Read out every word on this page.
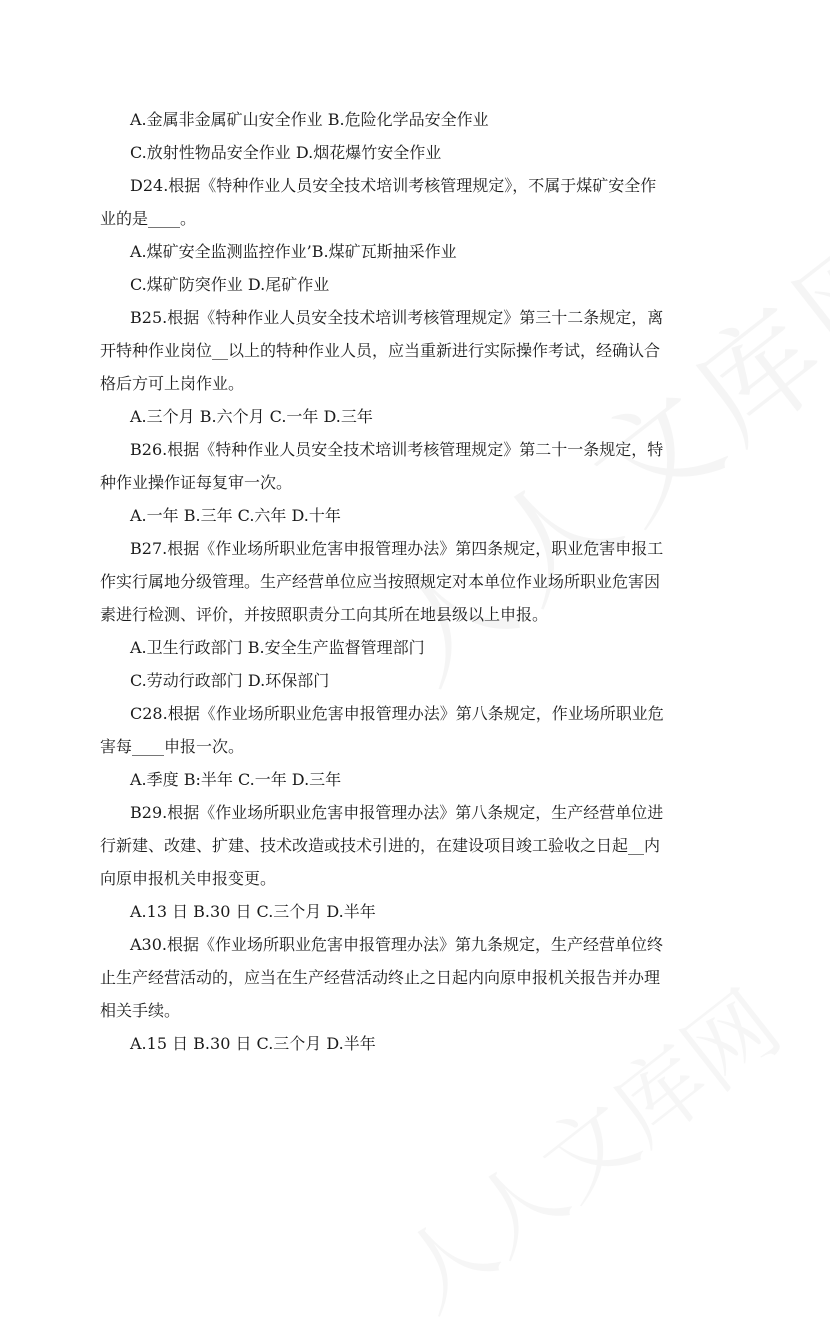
A.金属非金属矿山安全作业 B.危险化学品安全作业

C.放射性物品安全作业 D.烟花爆竹安全作业

D24.根据《特种作业人员安全技术培训考核管理规定》，不属于煤矿安全作
业的是____。

A.煤矿安全监测监控作业’B.煤矿瓦斯抽采作业

C.煤矿防突作业 D.尾矿作业

B25.根据《特种作业人员安全技术培训考核管理规定》第三十二条规定，离
开特种作业岗位__以上的特种作业人员，应当重新进行实际操作考试，经确认合
格后方可上岗作业。

A.三个月 B.六个月 C.一年 D.三年

B26.根据《特种作业人员安全技术培训考核管理规定》第二十一条规定，特
种作业操作证每复审一次。

A.一年 B.三年 C.六年 D.十年

B27.根据《作业场所职业危害申报管理办法》第四条规定，职业危害申报工
作实行属地分级管理。生产经营单位应当按照规定对本单位作业场所职业危害因
素进行检测、评价，并按照职责分工向其所在地县级以上申报。

A.卫生行政部门 B.安全生产监督管理部门

C.劳动行政部门 D.环保部门

C28.根据《作业场所职业危害申报管理办法》第八条规定，作业场所职业危
害每____申报一次。

A.季度 B:半年 C.一年 D.三年

B29.根据《作业场所职业危害申报管理办法》第八条规定，生产经营单位进
行新建、改建、扩建、技术改造或技术引进的，在建设项目竣工验收之日起__内
向原申报机关申报变更。

A.13 日 B.30 日 C.三个月 D.半年

A30.根据《作业场所职业危害申报管理办法》第九条规定，生产经营单位终
止生产经营活动的，应当在生产经营活动终止之日起内向原申报机关报告并办理
相关手续。

A.15 日 B.30 日 C.三个月 D.半年
